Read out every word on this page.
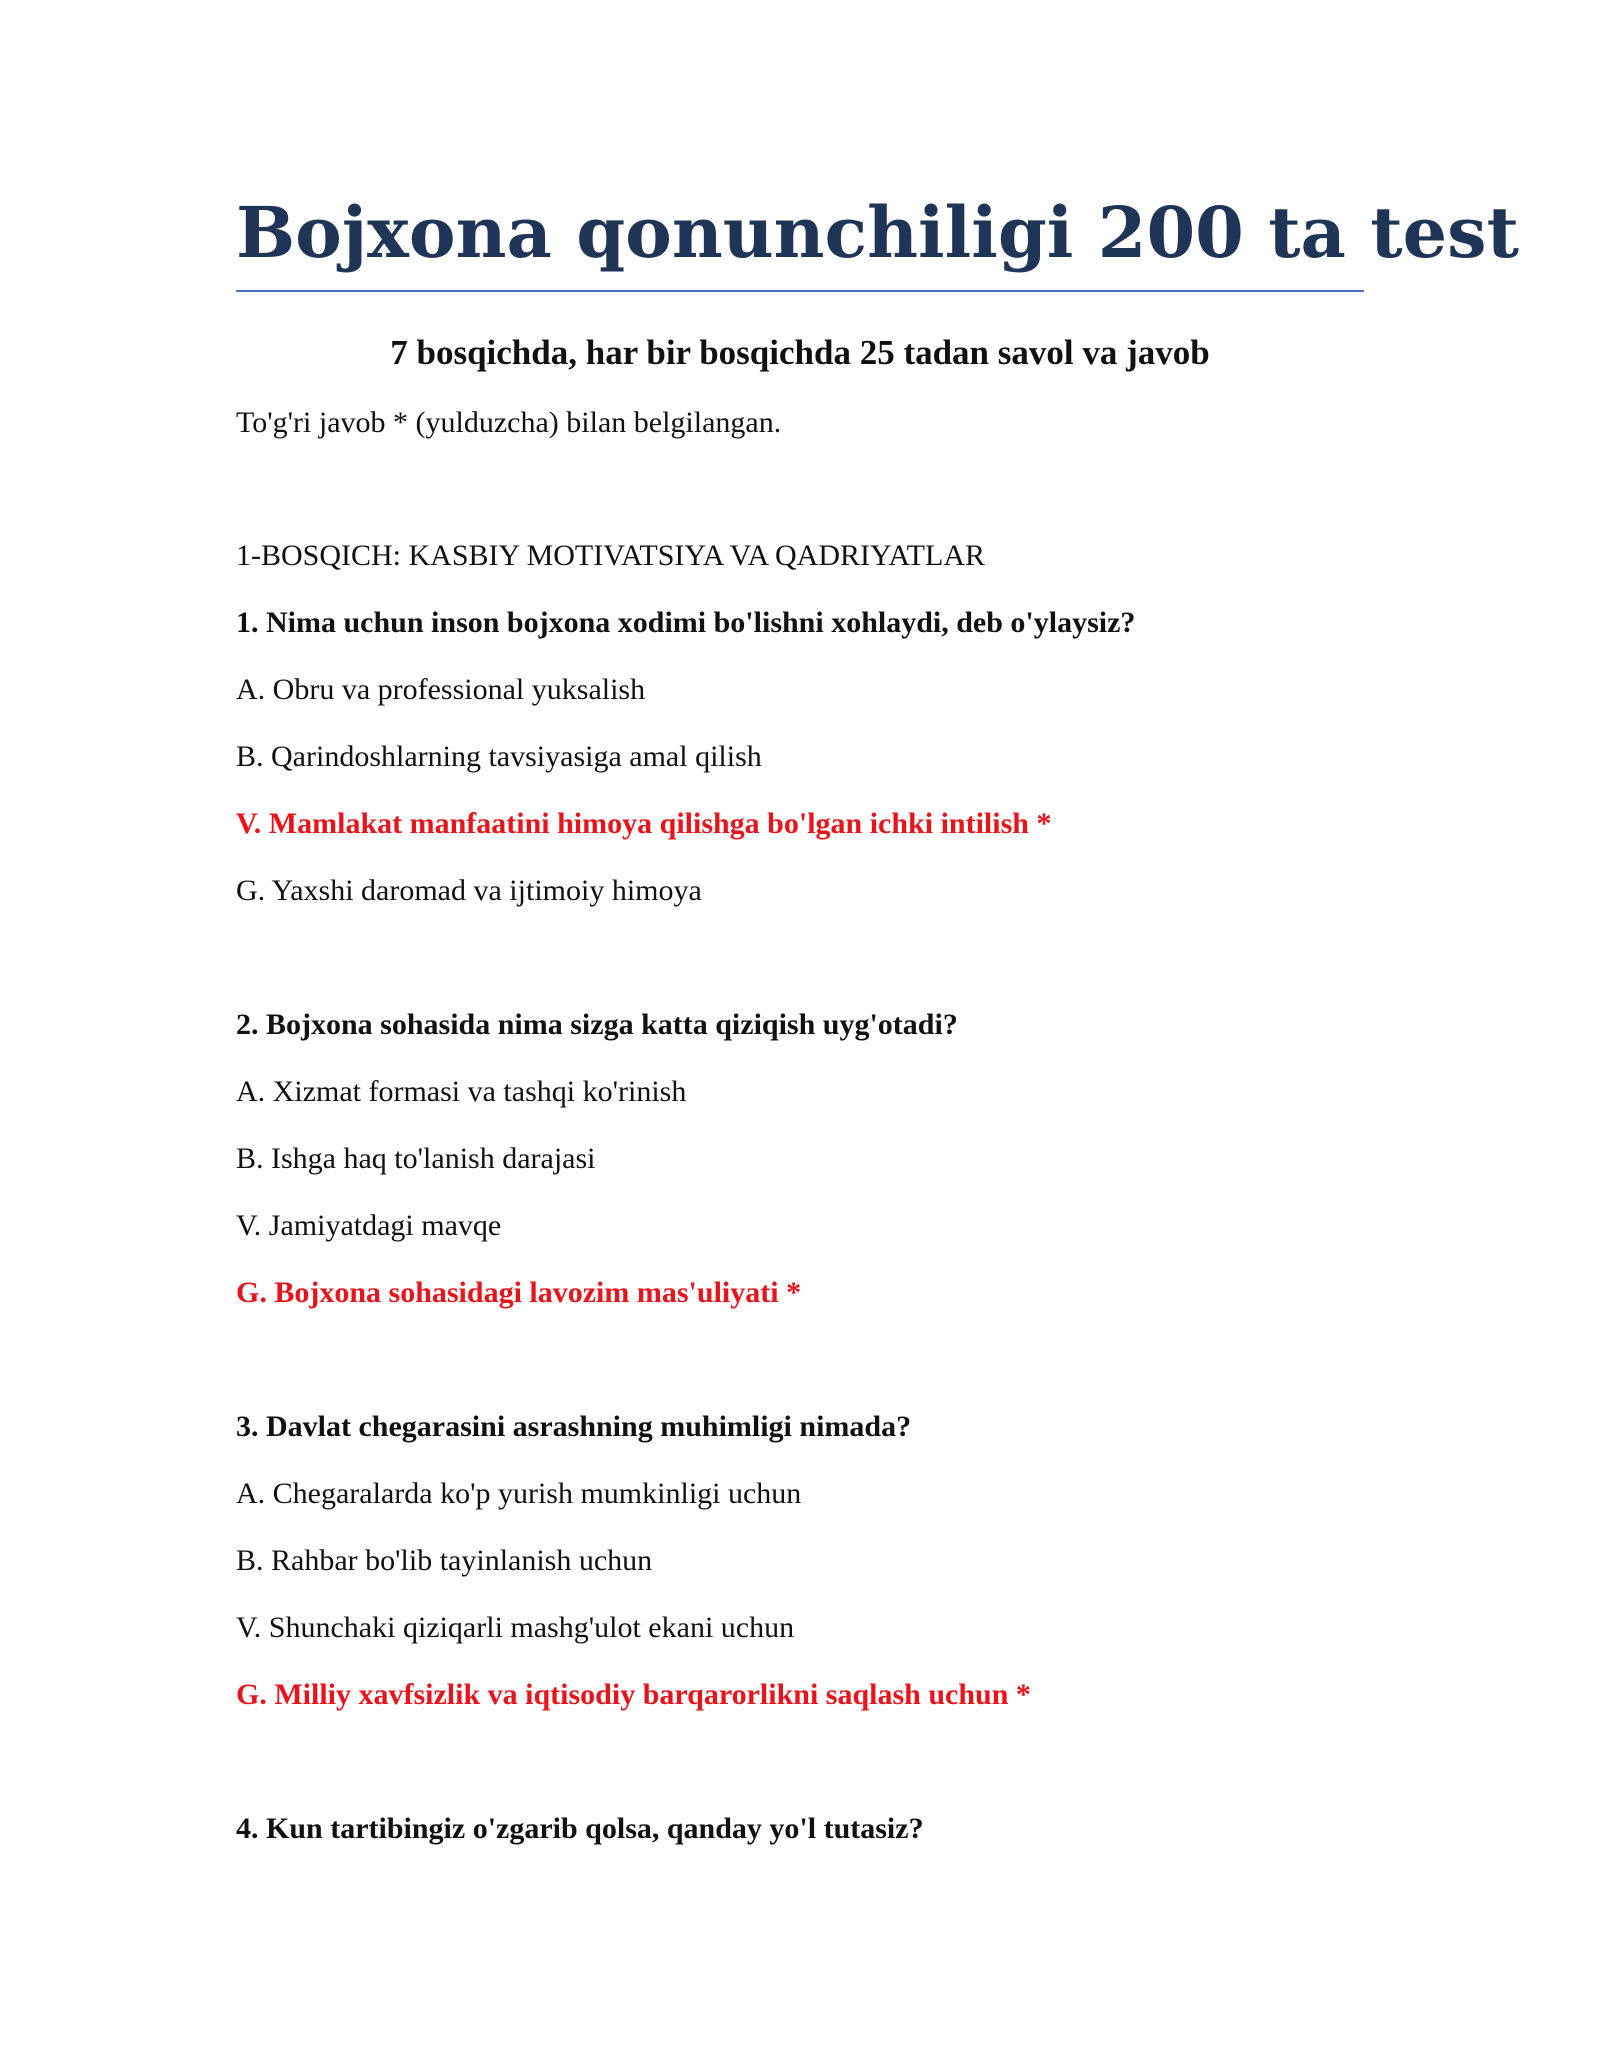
Bojxona qonunchiligi 200 ta test
7 bosqichda, har bir bosqichda 25 tadan savol va javob

To'g'ri javob * (yulduzcha) bilan belgilangan.

1-BOSQICH: KASBIY MOTIVATSIYA VA QADRIYATLAR

1. Nima uchun inson bojxona xodimi bo'lishni xohlaydi, deb o'ylaysiz?

A. Obru va professional yuksalish

B. Qarindoshlarning tavsiyasiga amal qilish

V. Mamlakat manfaatini himoya qilishga bo'lgan ichki intilish *

G. Yaxshi daromad va ijtimoiy himoya

2. Bojxona sohasida nima sizga katta qiziqish uyg'otadi?

A. Xizmat formasi va tashqi ko'rinish

B. Ishga haq to'lanish darajasi

V. Jamiyatdagi mavqe

G. Bojxona sohasidagi lavozim mas'uliyati *

3. Davlat chegarasini asrashning muhimligi nimada?

A. Chegaralarda ko'p yurish mumkinligi uchun

B. Rahbar bo'lib tayinlanish uchun

V. Shunchaki qiziqarli mashg'ulot ekani uchun

G. Milliy xavfsizlik va iqtisodiy barqarorlikni saqlash uchun *

4. Kun tartibingiz o'zgarib qolsa, qanday yo'l tutasiz?
